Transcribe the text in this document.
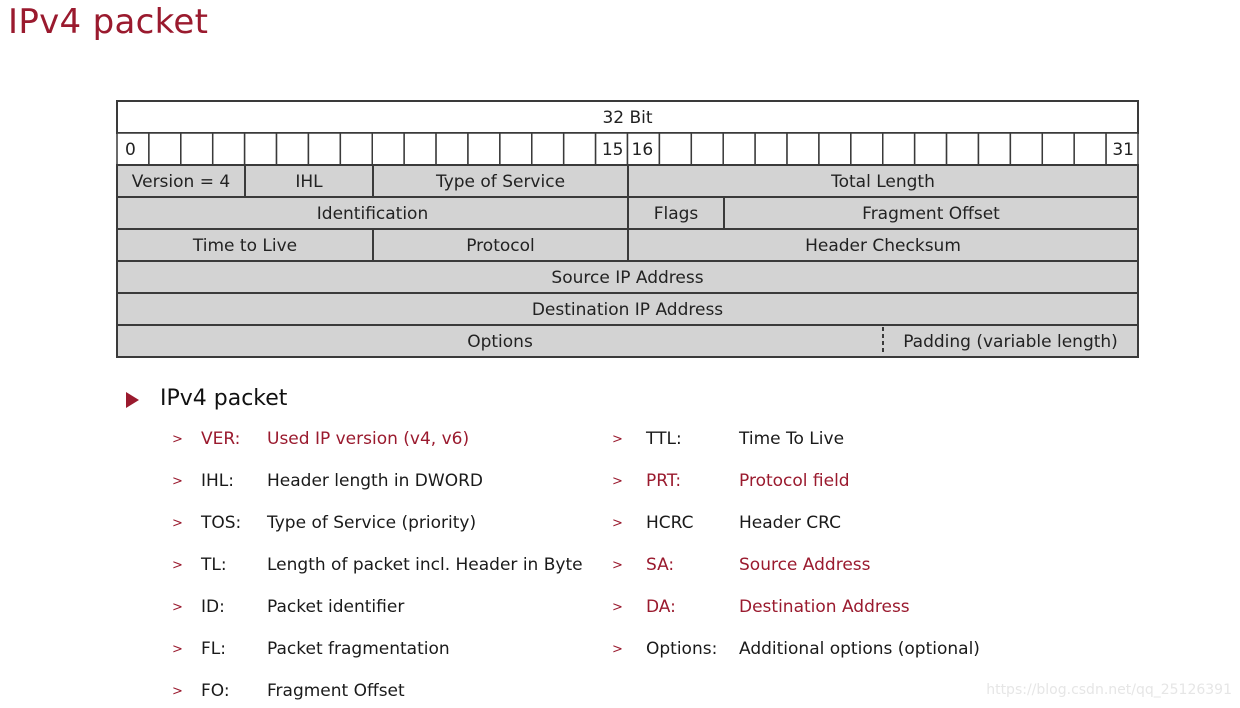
IPv4 packet
32 Bit
0	15 16	31
Version = 4	IHL	Type of Service	Total Length
Identification	Flags	Fragment Offset
Time to Live	Protocol	Header Checksum
Source IP Address
Destination IP Address
Options	Padding (variable length)
IPv4 packet
> VER: Used IP version (v4, v6)
> IHL: Header length in DWORD
> TOS: Type of Service (priority)
> TL: Length of packet incl. Header in Byte
> ID: Packet identifier
> FL: Packet fragmentation
> FO: Fragment Offset
> TTL:	Time To Live
> PRT:	Protocol field
> HCRC	Header CRC
> SA:	Source Address
> DA:	Destination Address
> Options: Additional options (optional)
https://blog.csdn.net/qq_25126391
